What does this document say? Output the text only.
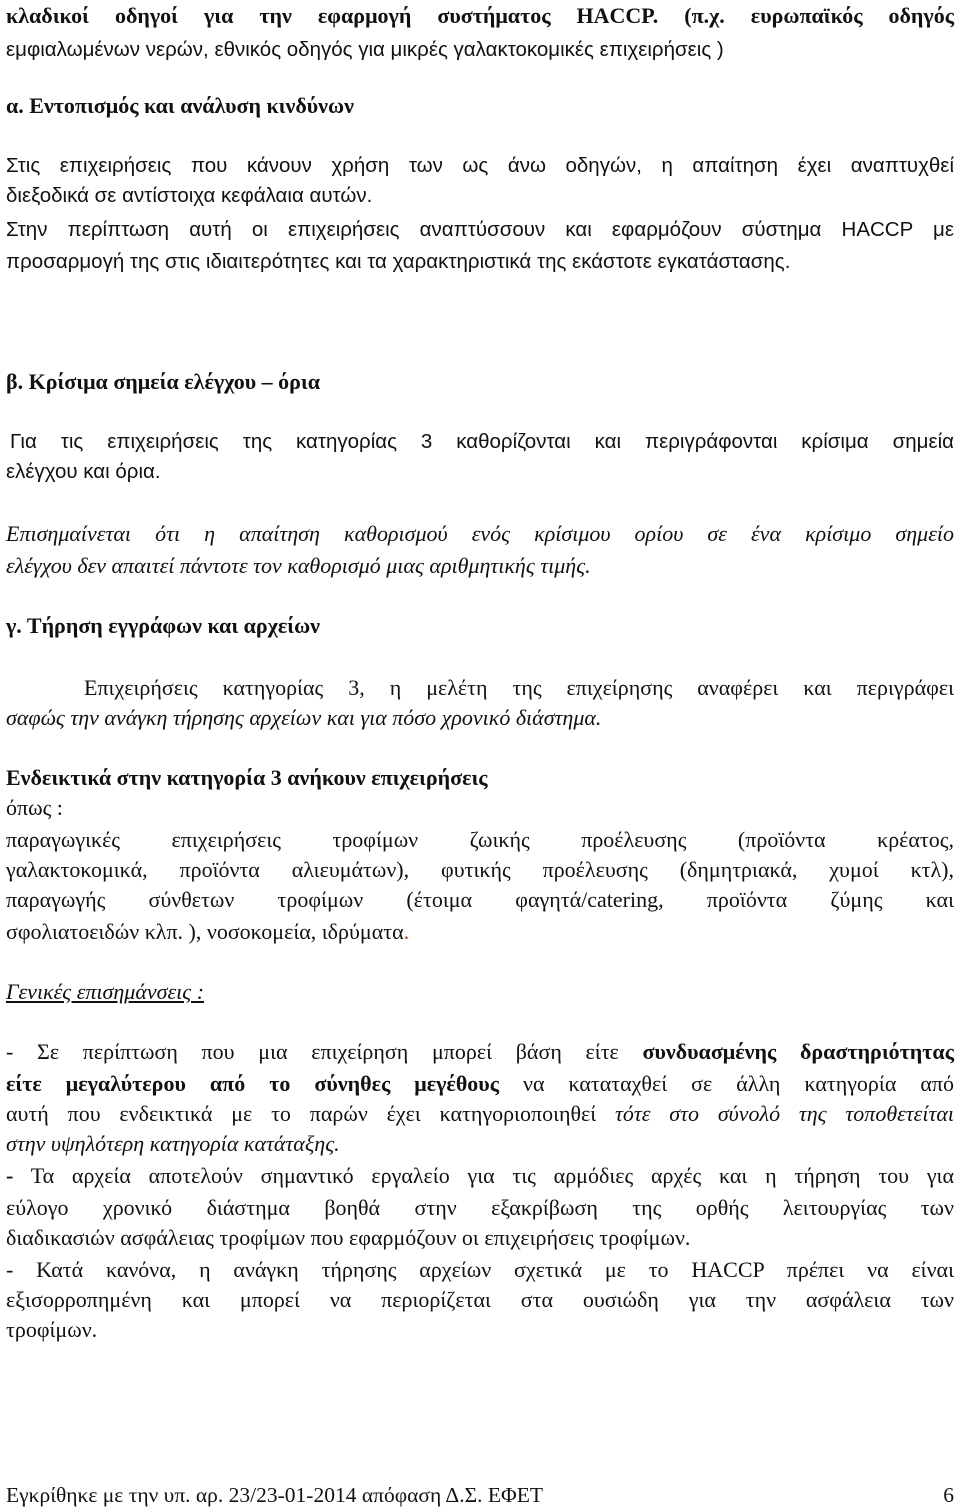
κλαδικοί οδηγοί για την εφαρμογή συστήματος HACCP. (π.χ. ευρωπαϊκός οδηγός
εμφιαλωμένων νερών, εθνικός οδηγός για μικρές γαλακτοκομικές επιχειρήσεις )
α. Εντοπισμός και ανάλυση κινδύνων
Στις επιχειρήσεις που κάνουν χρήση των ως άνω οδηγών, η απαίτηση έχει αναπτυχθεί
διεξοδικά σε αντίστοιχα κεφάλαια αυτών.
Στην περίπτωση αυτή οι επιχειρήσεις αναπτύσσουν και εφαρμόζουν σύστημα HACCP με
προσαρμογή της στις ιδιαιτερότητες και τα χαρακτηριστικά της εκάστοτε εγκατάστασης.
β. Κρίσιμα σημεία ελέγχου – όρια
Για τις επιχειρήσεις της κατηγορίας 3 καθορίζονται και περιγράφονται κρίσιμα σημεία
ελέγχου και όρια.
Επισημαίνεται ότι η απαίτηση καθορισμού ενός κρίσιμου ορίου σε ένα κρίσιμο σημείο
ελέγχου δεν απαιτεί πάντοτε τον καθορισμό μιας αριθμητικής τιμής.
γ. Τήρηση εγγράφων και αρχείων
Επιχειρήσεις κατηγορίας 3, η μελέτη της επιχείρησης αναφέρει και περιγράφει
σαφώς την ανάγκη τήρησης αρχείων και για πόσο χρονικό διάστημα.
Ενδεικτικά στην κατηγορία 3 ανήκουν επιχειρήσεις
όπως :
παραγωγικές επιχειρήσεις τροφίμων ζωικής προέλευσης (προϊόντα κρέατος,
γαλακτοκομικά, προϊόντα αλιευμάτων), φυτικής προέλευσης (δημητριακά, χυμοί κτλ),
παραγωγής σύνθετων τροφίμων (έτοιμα φαγητά/catering, προϊόντα ζύμης και
σφολιατοειδών κλπ. ), νοσοκομεία, ιδρύματα.
Γενικές επισημάνσεις :
- Σε περίπτωση που μια επιχείρηση μπορεί βάση είτε συνδυασμένης δραστηριότητας
είτε μεγαλύτερου από το σύνηθες μεγέθους να καταταχθεί σε άλλη κατηγορία από
αυτή που ενδεικτικά με το παρών έχει κατηγοριοποιηθεί τότε στο σύνολό της τοποθετείται
στην υψηλότερη κατηγορία κατάταξης.
- Τα αρχεία αποτελούν σημαντικό εργαλείο για τις αρμόδιες αρχές και η τήρηση του για
εύλογο χρονικό διάστημα βοηθά στην εξακρίβωση της ορθής λειτουργίας των
διαδικασιών ασφάλειας τροφίμων που εφαρμόζουν οι επιχειρήσεις τροφίμων.
- Κατά κανόνα, η ανάγκη τήρησης αρχείων σχετικά με το HACCP πρέπει να είναι
εξισορροπημένη και μπορεί να περιορίζεται στα ουσιώδη για την ασφάλεια των
τροφίμων.
Εγκρίθηκε με την υπ. αρ. 23/23-01-2014 απόφαση Δ.Σ. ΕΦΕΤ	6
